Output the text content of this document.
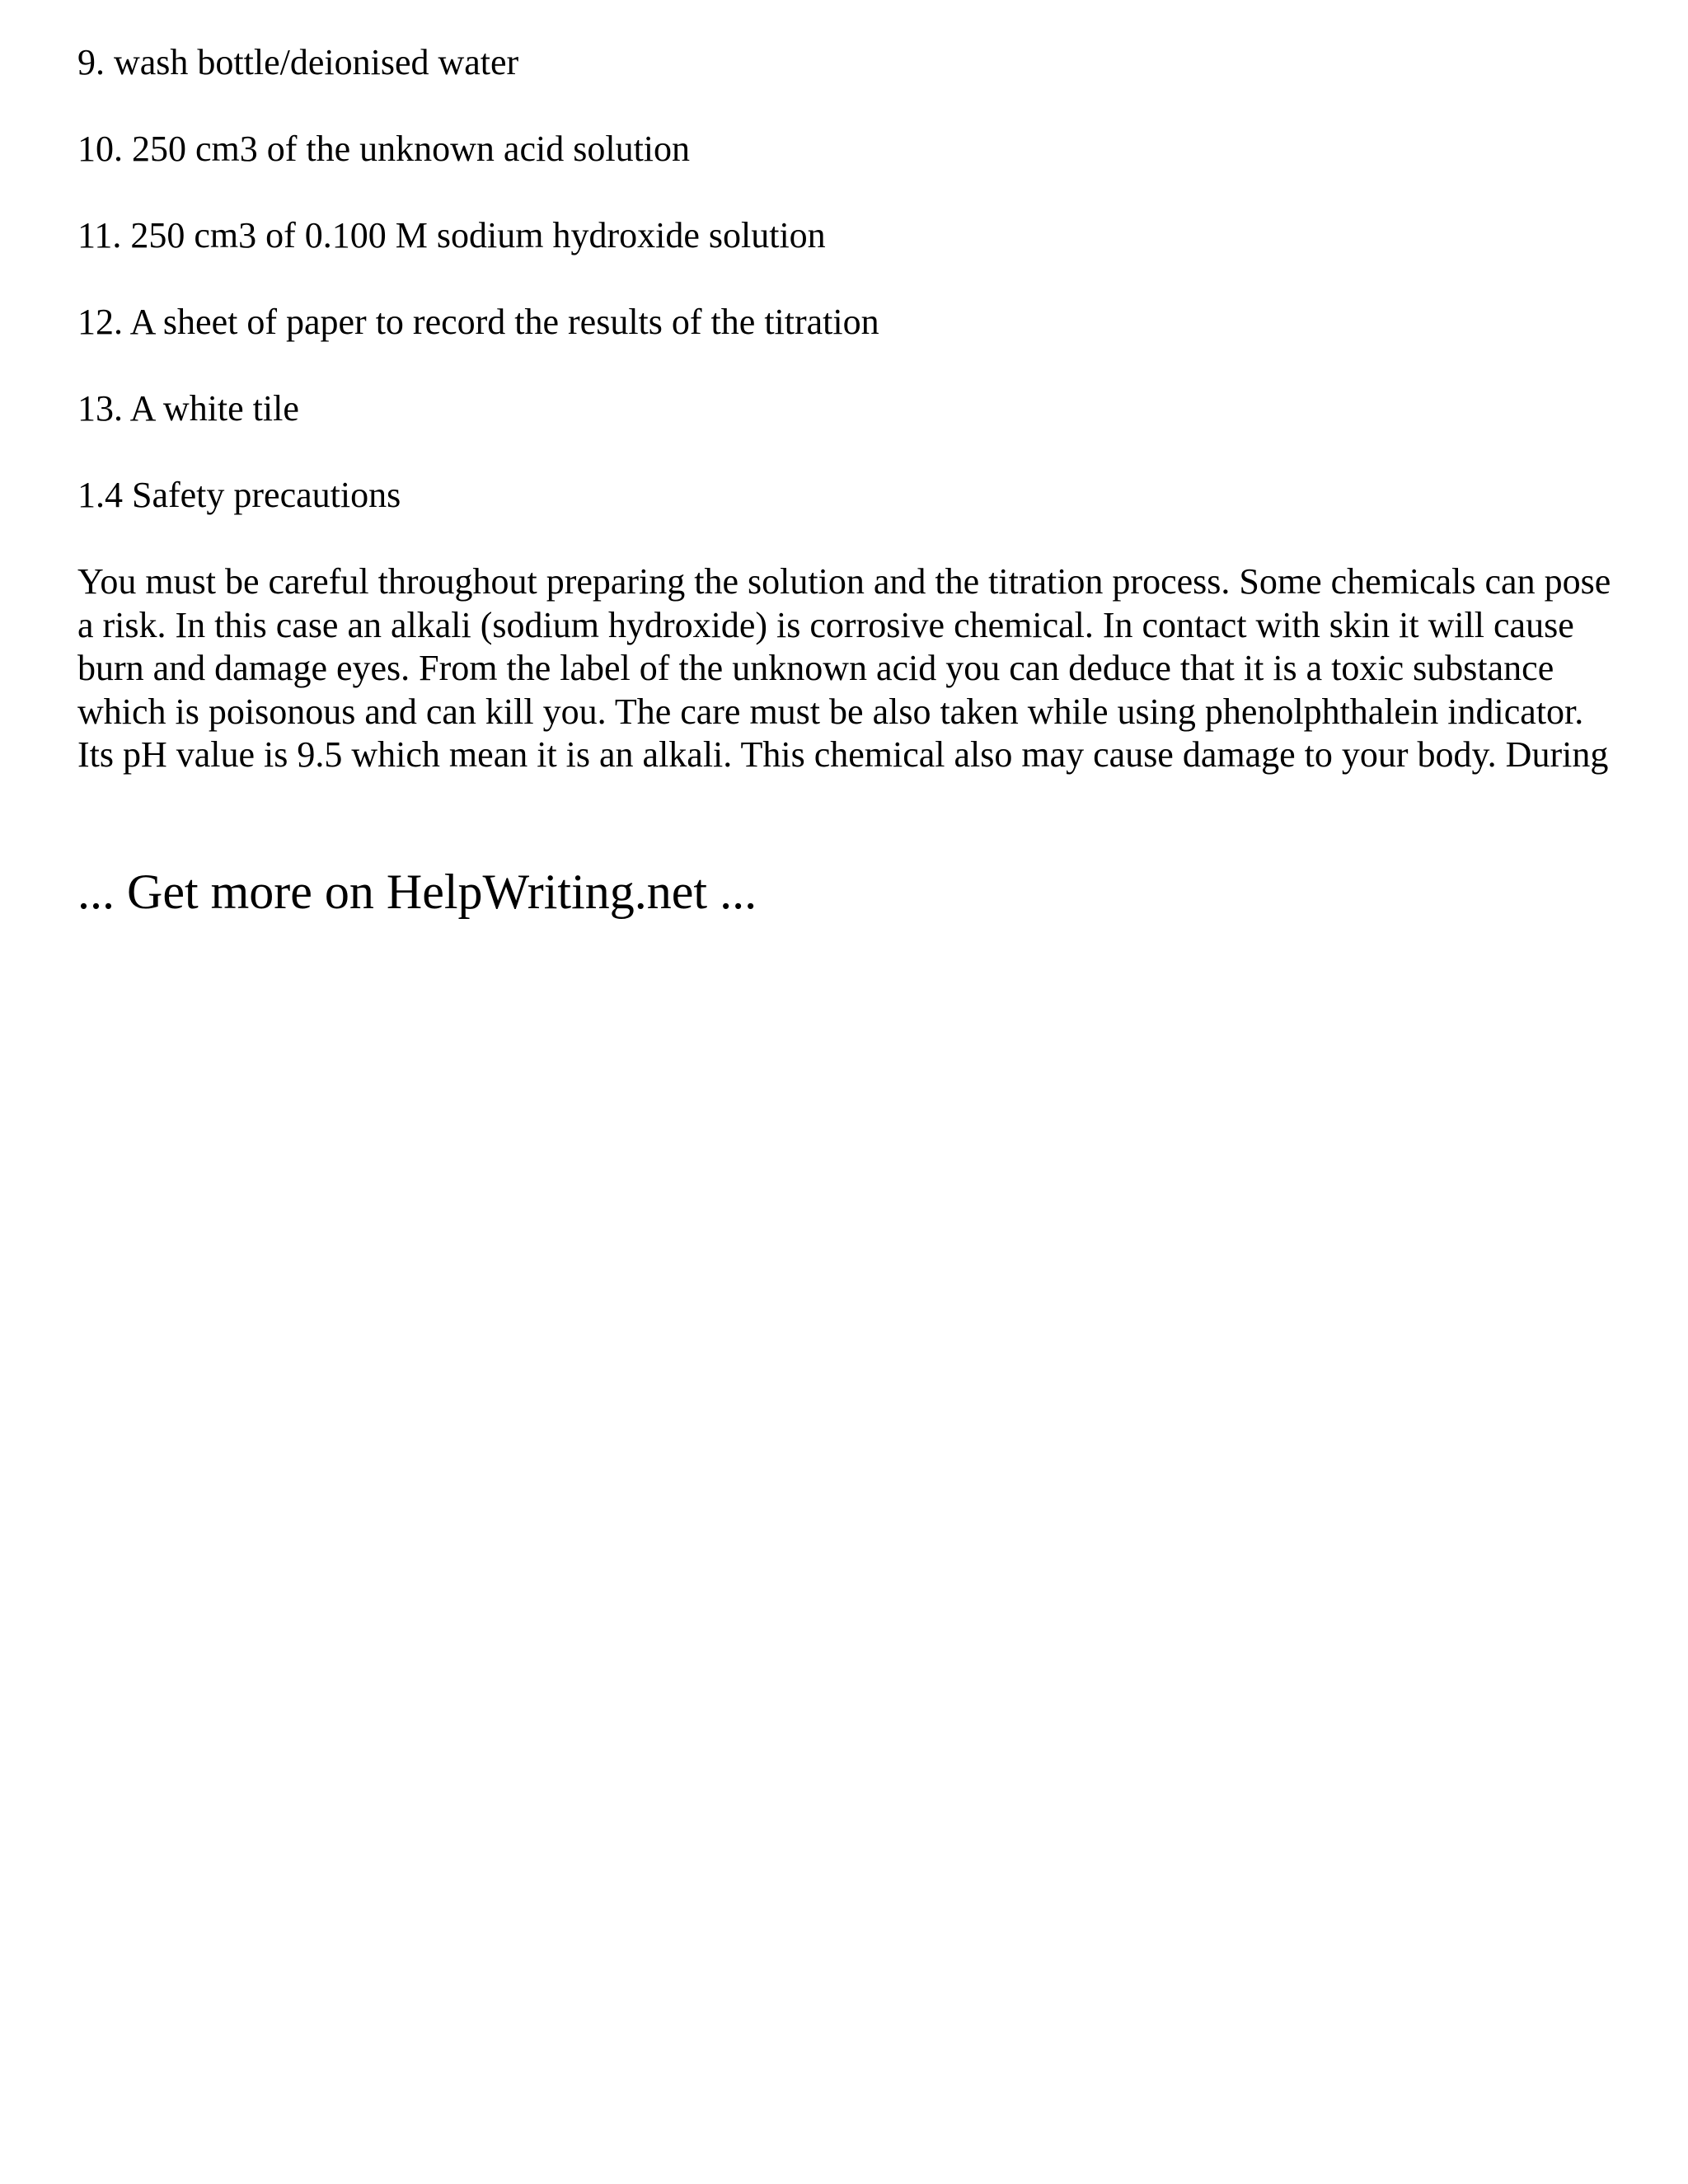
9. wash bottle/deionised water
10. 250 cm3 of the unknown acid solution
11. 250 cm3 of 0.100 M sodium hydroxide solution
12. A sheet of paper to record the results of the titration
13. A white tile
1.4 Safety precautions

You must be careful throughout preparing the solution and the titration process. Some chemicals can pose a risk. In this case an alkali (sodium hydroxide) is corrosive chemical. In contact with skin it will cause burn and damage eyes. From the label of the unknown acid you can deduce that it is a toxic substance which is poisonous and can kill you. The care must be also taken while using phenolphthalein indicator. Its pH value is 9.5 which mean it is an alkali. This chemical also may cause damage to your body. During

... Get more on HelpWriting.net ...
